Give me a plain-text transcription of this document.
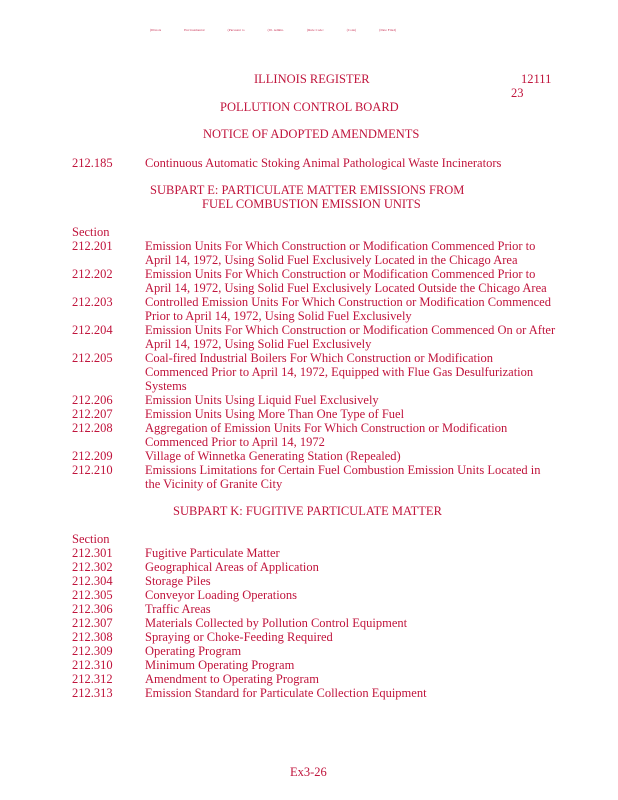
(Illinois	Environmental	(Pursuant to	(Ill. Admin.	(Rule Code:	(Code)	(Date Filed)
ILLINOIS REGISTER	12111
23
POLLUTION CONTROL BOARD
NOTICE OF ADOPTED AMENDMENTS
212.185	Continuous Automatic Stoking Animal Pathological Waste Incinerators
SUBPART E: PARTICULATE MATTER EMISSIONS FROM
FUEL COMBUSTION EMISSION UNITS
Section
212.201	Emission Units For Which Construction or Modification Commenced Prior to
April 14, 1972, Using Solid Fuel Exclusively Located in the Chicago Area
212.202	Emission Units For Which Construction or Modification Commenced Prior to
April 14, 1972, Using Solid Fuel Exclusively Located Outside the Chicago Area
212.203	Controlled Emission Units For Which Construction or Modification Commenced
Prior to April 14, 1972, Using Solid Fuel Exclusively
212.204	Emission Units For Which Construction or Modification Commenced On or After
April 14, 1972, Using Solid Fuel Exclusively
212.205	Coal-fired Industrial Boilers For Which Construction or Modification
Commenced Prior to April 14, 1972, Equipped with Flue Gas Desulfurization
Systems
212.206	Emission Units Using Liquid Fuel Exclusively
212.207	Emission Units Using More Than One Type of Fuel
212.208	Aggregation of Emission Units For Which Construction or Modification
Commenced Prior to April 14, 1972
212.209	Village of Winnetka Generating Station (Repealed)
212.210	Emissions Limitations for Certain Fuel Combustion Emission Units Located in
the Vicinity of Granite City
SUBPART K: FUGITIVE PARTICULATE MATTER
Section
212.301	Fugitive Particulate Matter
212.302	Geographical Areas of Application
212.304	Storage Piles
212.305	Conveyor Loading Operations
212.306	Traffic Areas
212.307	Materials Collected by Pollution Control Equipment
212.308	Spraying or Choke-Feeding Required
212.309	Operating Program
212.310	Minimum Operating Program
212.312	Amendment to Operating Program
212.313	Emission Standard for Particulate Collection Equipment
Ex3-26
